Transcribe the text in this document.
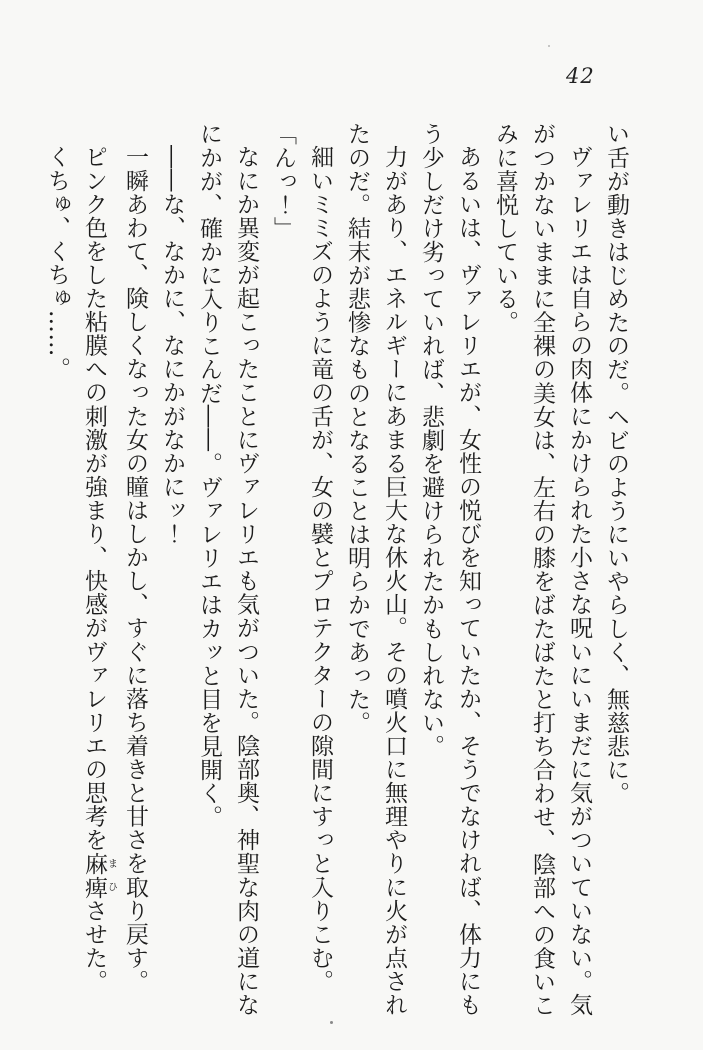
42

い舌が動きはじめたのだ。ヘビのようにいやらしく、無慈悲に。

ヴァレリエは自らの肉体にかけられた小さな呪いにいまだに気がついていない。気がつかないままに全裸の美女は、左右の膝をばたばたと打ち合わせ、陰部への食いこみに喜悦している。

あるいは、ヴァレリエが、女性の悦びを知っていたか、そうでなければ、体力にもう少しだけ劣っていれば、悲劇を避けられたかもしれない。

力があり、エネルギーにあまる巨大な休火山。その噴火口に無理やりに火が点されたのだ。結末が悲惨なものとなることは明らかであった。

細いミミズのように竜の舌が、女の襞とプロテクターの隙間にすっと入りこむ。

「んっ！」

なにか異変が起こったことにヴァレリエも気がついた。陰部奥、神聖な肉の道になにかが、確かに入りこんだ――。ヴァレリエはカッと目を見開く。

――な、なかに、なにかがなかにッ！

一瞬あわて、険しくなった女の瞳はしかし、すぐに落ち着きと甘さを取り戻す。

ピンク色をした粘膜への刺激が強まり、快感がヴァレリエの思考を麻痺まひさせた。

くちゅ、くちゅ……。
